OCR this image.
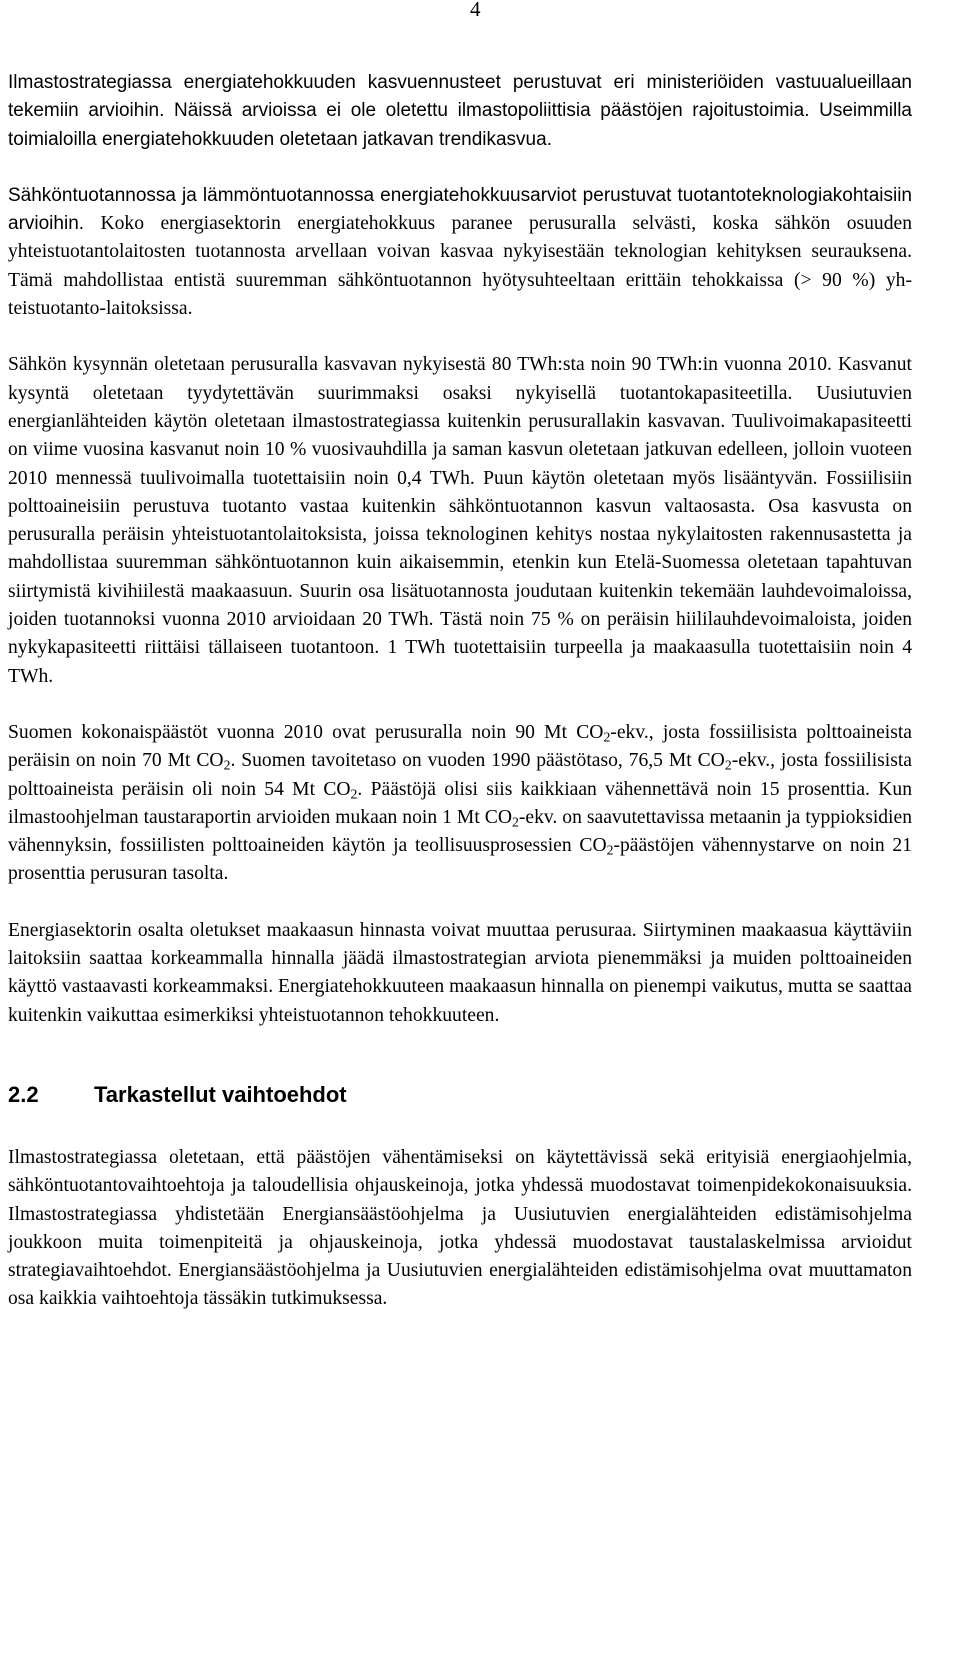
4

Ilmastostrategiassa energiatehokkuuden kasvuennusteet perustuvat eri ministeriöiden vastuualueillaan tekemiin arvioihin. Näissä arvioissa ei ole oletettu ilmastopoliittisia päästöjen rajoitustoimia. Useimmilla toimialoilla energiatehokkuuden oletetaan jatkavan trendikasvua.

Sähköntuotannossa ja lämmöntuotannossa energiatehokkuusarviot perustuvat tuotantoteknologiakohtaisiin arvioihin. Koko energiasektorin energiatehokkuus paranee perusuralla selvästi, koska sähkön osuuden yhteistuotantolaitosten tuotannosta arvellaan voivan kasvaa nykyisestään teknologian kehityksen seurauksena. Tämä mahdollistaa entistä suuremman sähköntuotannon hyötysuhteeltaan erittäin tehokkaissa (> 90 %) yhteistuotanto-laitoksissa.

Sähkön kysynnän oletetaan perusuralla kasvavan nykyisestä 80 TWh:sta noin 90 TWh:in vuonna 2010. Kasvanut kysyntä oletetaan tyydytettävän suurimmaksi osaksi nykyisellä tuotantokapasiteetilla. Uusiutuvien energianlähteiden käytön oletetaan ilmastostrategiassa kuitenkin perusurallakin kasvavan. Tuulivoimakapasiteetti on viime vuosina kasvanut noin 10 % vuosivauhdilla ja saman kasvun oletetaan jatkuvan edelleen, jolloin vuoteen 2010 mennessä tuulivoimalla tuotettaisiin noin 0,4 TWh. Puun käytön oletetaan myös lisääntyvän. Fossiilisiin polttoaineisiin perustuva tuotanto vastaa kuitenkin sähköntuotannon kasvun valtaosasta. Osa kasvusta on perusuralla peräisin yhteistuotantolaitoksista, joissa teknologinen kehitys nostaa nykylaitosten rakennusastetta ja mahdollistaa suuremman sähköntuotannon kuin aikaisemmin, etenkin kun Etelä-Suomessa oletetaan tapahtuvan siirtymistä kivihiilestä maakaasuun. Suurin osa lisätuotannosta joudutaan kuitenkin tekemään lauhdevoimaloissa, joiden tuotannoksi vuonna 2010 arvioidaan 20 TWh. Tästä noin 75 % on peräisin hiililauhdevoimaloista, joiden nykykapasiteetti riittäisi tällaiseen tuotantoon. 1 TWh tuotettaisiin turpeella ja maakaasulla tuotettaisiin noin 4 TWh.

Suomen kokonaispäästöt vuonna 2010 ovat perusuralla noin 90 Mt $CO_2$-ekv., josta fossiilisista polttoaineista peräisin on noin 70 Mt $CO_2$. Suomen tavoitetaso on vuoden 1990 päästötaso, 76,5 Mt $CO_2$-ekv., josta fossiilisista polttoaineista peräisin oli noin 54 Mt $CO_2$. Päästöjä olisi siis kaikkiaan vähennettävä noin 15 prosenttia. Kun ilmastoohjelman taustaraportin arvioiden mukaan noin 1 Mt $CO_2$-ekv. on saavutettavissa metaanin ja typpioksidien vähennyksin, fossiilisten polttoaineiden käytön ja teollisuusprosessien $CO_2$-päästöjen vähennystarve on noin 21 prosenttia perusuran tasolta.

Energiasektorin osalta oletukset maakaasun hinnasta voivat muuttaa perusuraa. Siirtyminen maakaasua käyttäviin laitoksiin saattaa korkeammalla hinnalla jäädä ilmastostrategian arviota pienemmäksi ja muiden polttoaineiden käyttö vastaavasti korkeammaksi. Energiatehokkuuteen maakaasun hinnalla on pienempi vaikutus, mutta se saattaa kuitenkin vaikuttaa esimerkiksi yhteistuotannon tehokkuuteen.

2.2	Tarkastellut vaihtoehdot

Ilmastostrategiassa oletetaan, että päästöjen vähentämiseksi on käytettävissä sekä erityisiä energiaohjelmia, sähköntuotantovaihtoehtoja ja taloudellisia ohjauskeinoja, jotka yhdessä muodostavat toimenpidekokonaisuuksia. Ilmastostrategiassa yhdistetään Energiansäästöohjelma ja Uusiutuvien energialähteiden edistämisohjelma joukkoon muita toimenpiteitä ja ohjauskeinoja, jotka yhdessä muodostavat taustalaskelmissa arvioidut strategiavaihtoehdot. Energiansäästöohjelma ja Uusiutuvien energialähteiden edistämisohjelma ovat muuttamaton osa kaikkia vaihtoehtoja tässäkin tutkimuksessa.
